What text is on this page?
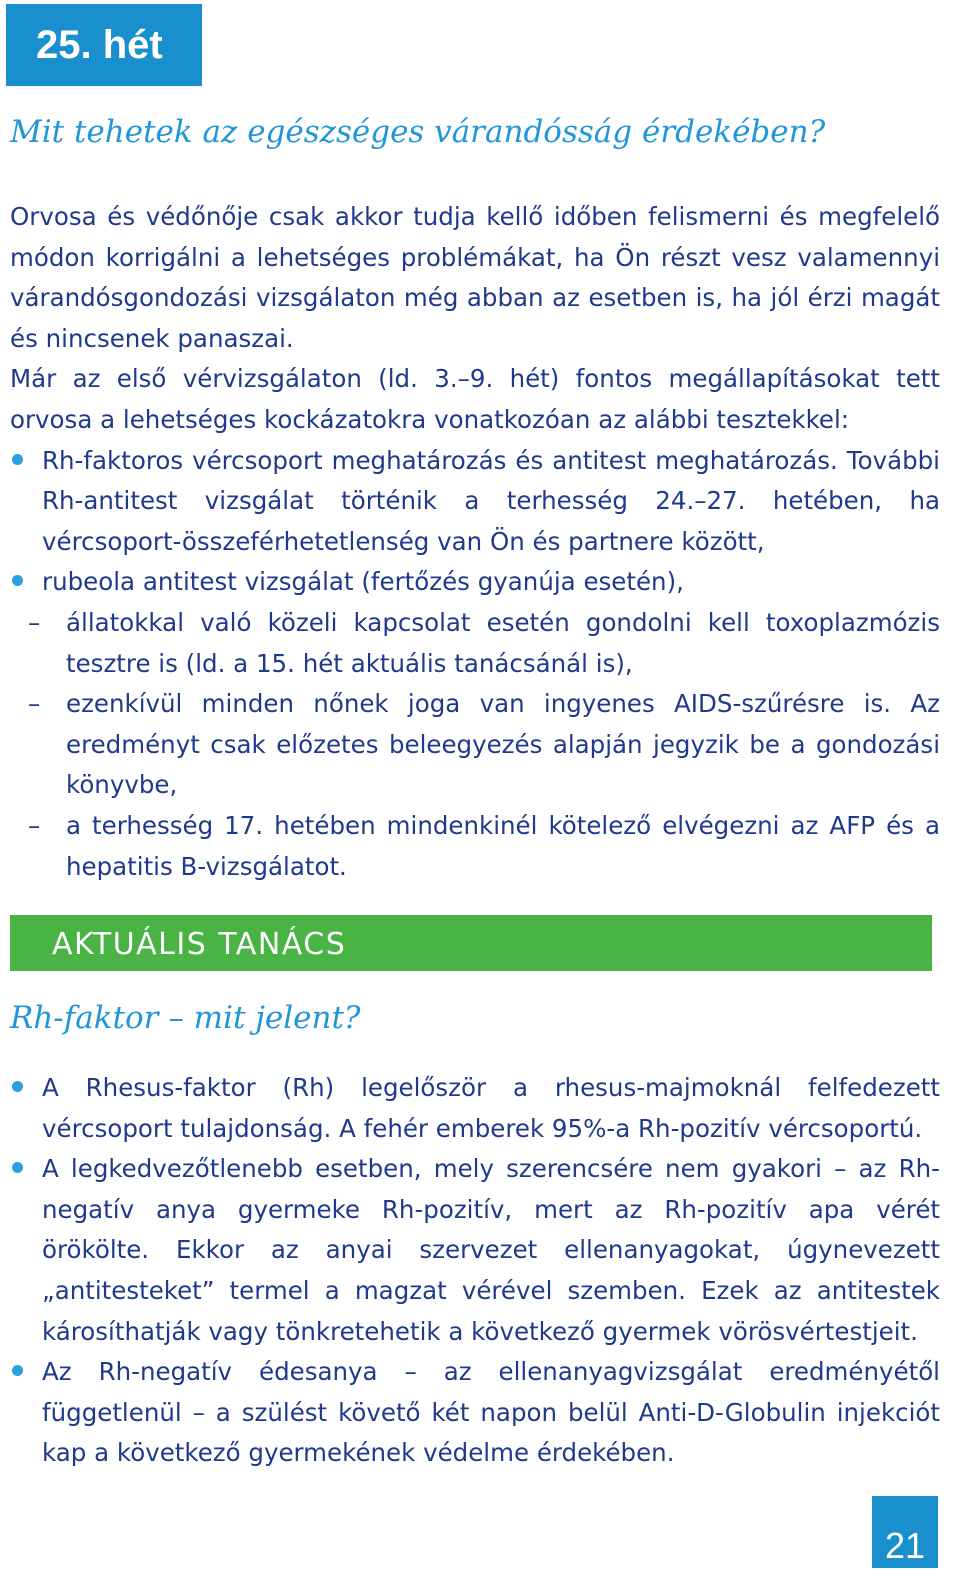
25. hét
Mit tehetek az egészséges várandósság érdekében?

Orvosa és védőnője csak akkor tudja kellő időben felismerni és megfelelő módon korrigálni a lehetséges problémákat, ha Ön részt vesz valamennyi várandósgondozási vizsgálaton még abban az esetben is, ha jól érzi magát és nincsenek panaszai.

Már az első vérvizsgálaton (ld. 3.–9. hét) fontos megállapításokat tett orvosa a lehetséges kockázatokra vonatkozóan az alábbi tesztekkel:

Rh-faktoros vércsoport meghatározás és antitest meghatározás. További Rh-antitest vizsgálat történik a terhesség 24.–27. hetében, ha vércsoport-összeférhetetlenség van Ön és partnere között,
rubeola antitest vizsgálat (fertőzés gyanúja esetén),
– állatokkal való közeli kapcsolat esetén gondolni kell toxoplazmózis tesztre is (ld. a 15. hét aktuális tanácsánál is),
– ezenkívül minden nőnek joga van ingyenes AIDS-szűrésre is. Az eredményt csak előzetes beleegyezés alapján jegyzik be a gondozási könyvbe,
– a terhesség 17. hetében mindenkinél kötelező elvégezni az AFP és a hepatitis B-vizsgálatot.
AKTUÁLIS TANÁCS
Rh-faktor – mit jelent?
A Rhesus-faktor (Rh) legelőször a rhesus-majmoknál felfedezett vércsoport tulajdonság. A fehér emberek 95%-a Rh-pozitív vércsoportú.
A legkedvezőtlenebb esetben, mely szerencsére nem gyakori – az Rh-negatív anya gyermeke Rh-pozitív, mert az Rh-pozitív apa vérét örökölte. Ekkor az anyai szervezet ellenanyagokat, úgynevezett „antitesteket” termel a magzat vérével szemben. Ezek az antitestek károsíthatják vagy tönkretehetik a következő gyermek vörösvértestjeit.
Az Rh-negatív édesanya – az ellenanyagvizsgálat eredményétől függetlenül – a szülést követő két napon belül Anti-D-Globulin injekciót kap a következő gyermekének védelme érdekében.
21
